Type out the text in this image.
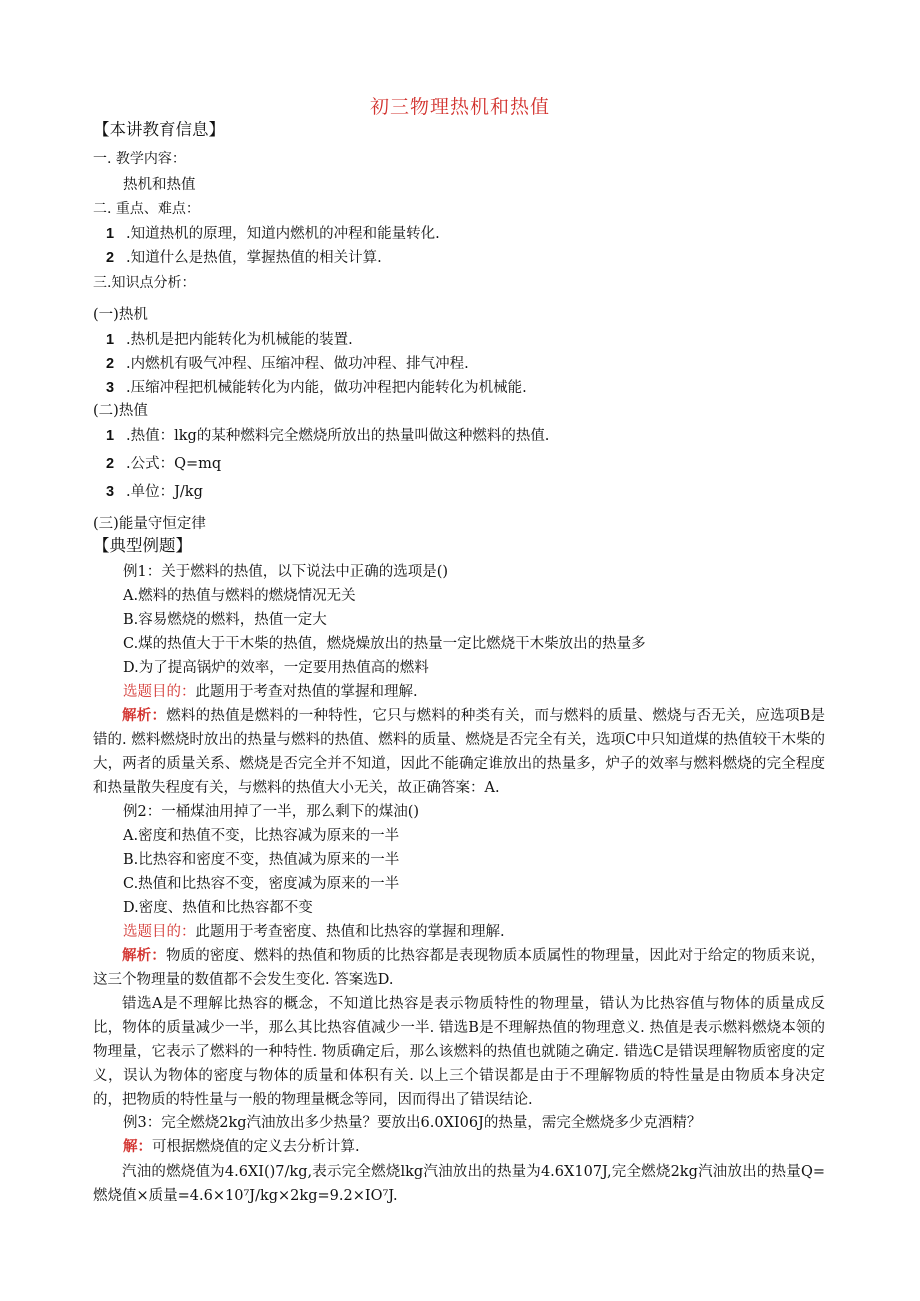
初三物理热机和热值
【本讲教育信息】
一. 教学内容：
热机和热值
二. 重点、难点：
1 .知道热机的原理，知道内燃机的冲程和能量转化.
2 .知道什么是热值，掌握热值的相关计算.
三.知识点分析：
(一)热机
1 .热机是把内能转化为机械能的装置.
2 .内燃机有吸气冲程、压缩冲程、做功冲程、排气冲程.
3 .压缩冲程把机械能转化为内能，做功冲程把内能转化为机械能.
(二)热值
1 .热值：lkg的某种燃料完全燃烧所放出的热量叫做这种燃料的热值.
2 .公式：Q=mq
3 .单位：J/kg
(三)能量守恒定律
【典型例题】
例1：关于燃料的热值，以下说法中正确的选项是()
A.燃料的热值与燃料的燃烧情况无关
B.容易燃烧的燃料，热值一定大
C.煤的热值大于干木柴的热值，燃烧燥放出的热量一定比燃烧干木柴放出的热量多
D.为了提高锅炉的效率，一定要用热值高的燃料
选题目的：此题用于考查对热值的掌握和理解.
解析：燃料的热值是燃料的一种特性，它只与燃料的种类有关，而与燃料的质量、燃烧与否无关，应选项B是错的. 燃料燃烧时放出的热量与燃料的热值、燃料的质量、燃烧是否完全有关，选项C中只知道煤的热值较干木柴的大，两者的质量关系、燃烧是否完全并不知道，因此不能确定谁放出的热量多，炉子的效率与燃料燃烧的完全程度和热量散失程度有关，与燃料的热值大小无关，故正确答案：A.
例2：一桶煤油用掉了一半，那么剩下的煤油()
A.密度和热值不变，比热容减为原来的一半
B.比热容和密度不变，热值减为原来的一半
C.热值和比热容不变，密度减为原来的一半
D.密度、热值和比热容都不变
选题目的：此题用于考查密度、热值和比热容的掌握和理解.
解析：物质的密度、燃料的热值和物质的比热容都是表现物质本质属性的物理量，因此对于给定的物质来说，这三个物理量的数值都不会发生变化. 答案选D.
错选A是不理解比热容的概念，不知道比热容是表示物质特性的物理量，错认为比热容值与物体的质量成反比，物体的质量减少一半，那么其比热容值减少一半. 错选B是不理解热值的物理意义. 热值是表示燃料燃烧本领的物理量，它表示了燃料的一种特性. 物质确定后，那么该燃料的热值也就随之确定. 错选C是错误理解物质密度的定义，误认为物体的密度与物体的质量和体积有关. 以上三个错误都是由于不理解物质的特性量是由物质本身决定的，把物质的特性量与一般的物理量概念等同，因而得出了错误结论.
例3：完全燃烧2kg汽油放出多少热量？要放出6.0XI06J的热量，需完全燃烧多少克酒精？
解：可根据燃烧值的定义去分析计算.
汽油的燃烧值为4.6XI()7∕kg,表示完全燃烧lkg汽油放出的热量为4.6X107J,完全燃烧2kg汽油放出的热量Q=燃烧值×质量=4.6×10⁷J∕kg×2kg=9.2×IO⁷J.
